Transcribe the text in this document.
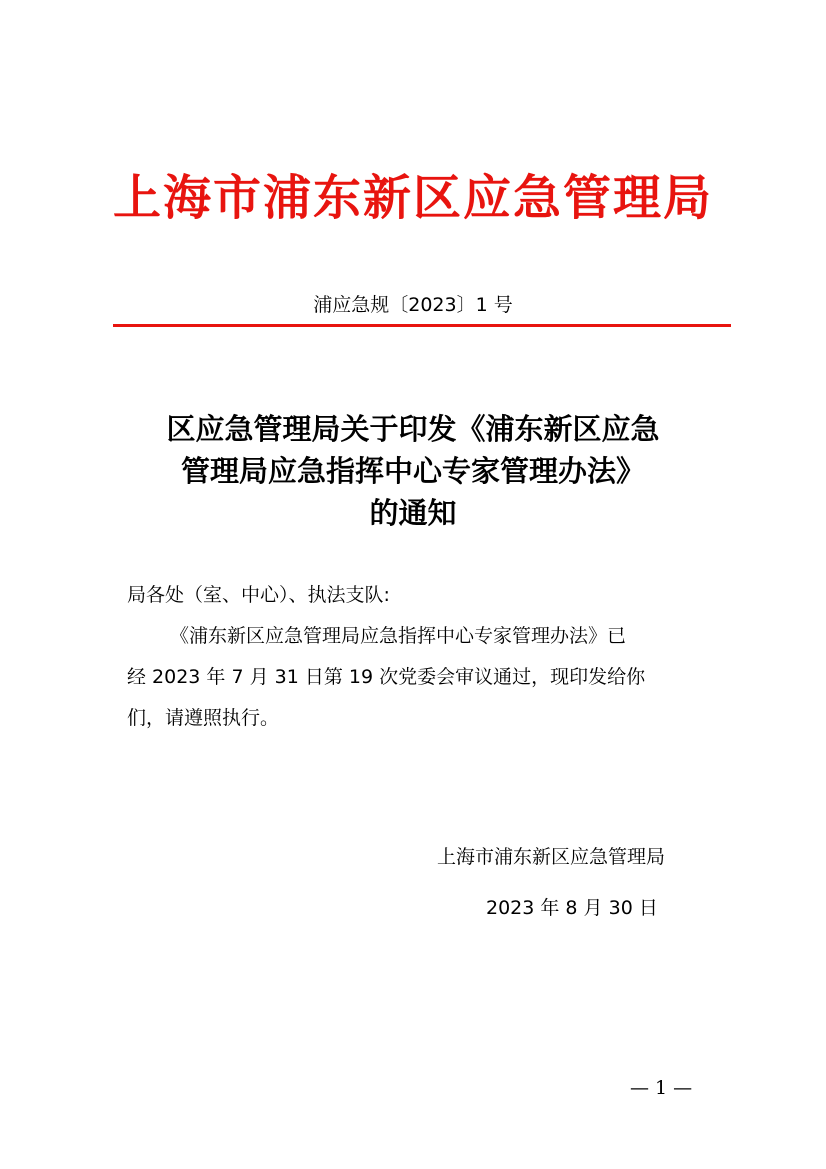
上海市浦东新区应急管理局
浦应急规〔2023〕1 号
区应急管理局关于印发《浦东新区应急
管理局应急指挥中心专家管理办法》
的通知
局各处（室、中心）、执法支队:
《浦东新区应急管理局应急指挥中心专家管理办法》已
经 2023 年 7 月 31 日第 19 次党委会审议通过，现印发给你
们，请遵照执行。
上海市浦东新区应急管理局
2023 年 8 月 30 日
— 1 —
